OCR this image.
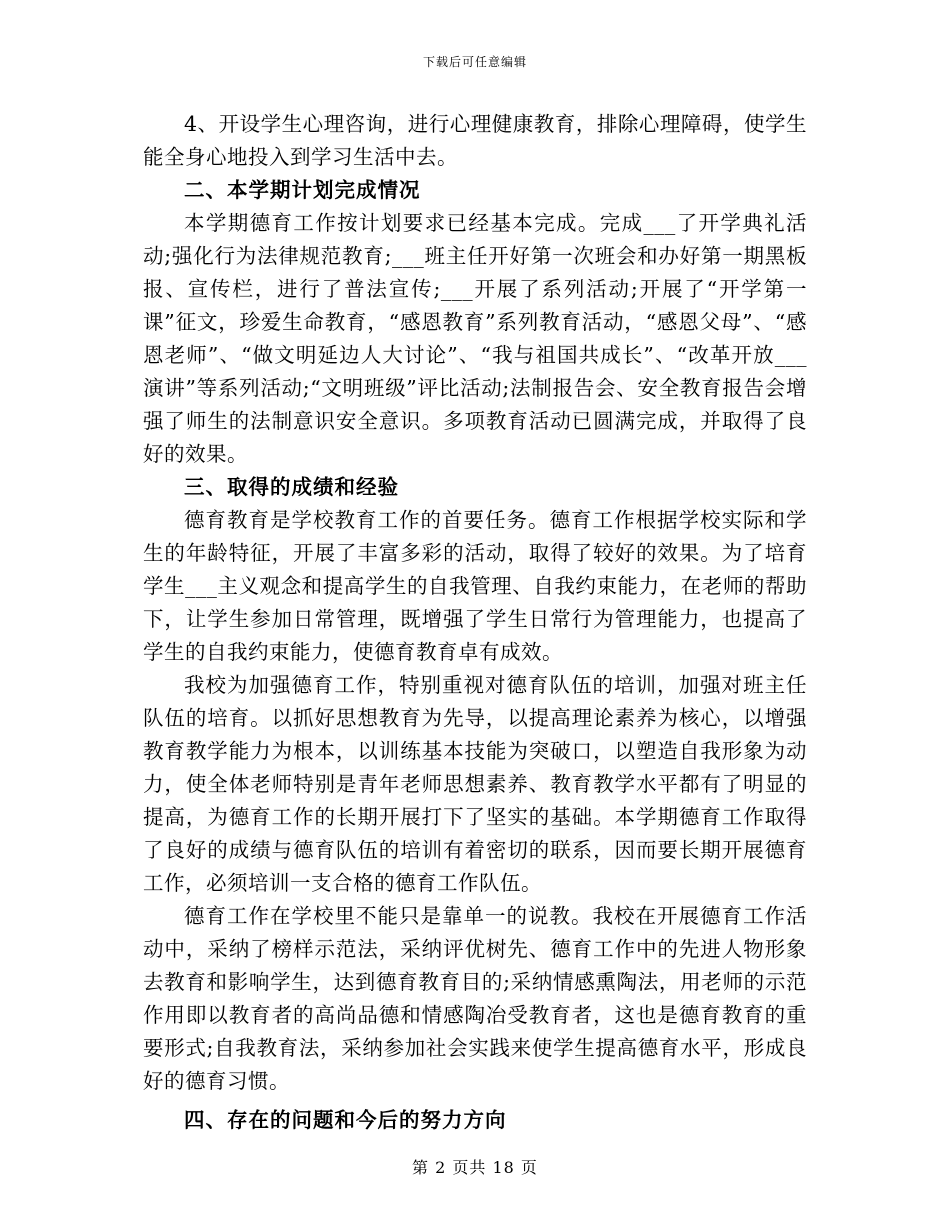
下载后可任意编辑

4、开设学生心理咨询，进行心理健康教育，排除心理障碍，使学生能全身心地投入到学习生活中去。

二、本学期计划完成情况

本学期德育工作按计划要求已经基本完成。完成___了开学典礼活动;强化行为法律规范教育;___班主任开好第一次班会和办好第一期黑板报、宣传栏，进行了普法宣传;___开展了系列活动;开展了“开学第一课”征文，珍爱生命教育，“感恩教育”系列教育活动，“感恩父母”、“感恩老师”、“做文明延边人大讨论”、“我与祖国共成长”、“改革开放___演讲”等系列活动;“文明班级”评比活动;法制报告会、安全教育报告会增强了师生的法制意识安全意识。多项教育活动已圆满完成，并取得了良好的效果。

三、取得的成绩和经验

德育教育是学校教育工作的首要任务。德育工作根据学校实际和学生的年龄特征，开展了丰富多彩的活动，取得了较好的效果。为了培育学生___主义观念和提高学生的自我管理、自我约束能力，在老师的帮助下，让学生参加日常管理，既增强了学生日常行为管理能力，也提高了学生的自我约束能力，使德育教育卓有成效。

我校为加强德育工作，特别重视对德育队伍的培训，加强对班主任队伍的培育。以抓好思想教育为先导，以提高理论素养为核心，以增强教育教学能力为根本，以训练基本技能为突破口，以塑造自我形象为动力，使全体老师特别是青年老师思想素养、教育教学水平都有了明显的提高，为德育工作的长期开展打下了坚实的基础。本学期德育工作取得了良好的成绩与德育队伍的培训有着密切的联系，因而要长期开展德育工作，必须培训一支合格的德育工作队伍。

德育工作在学校里不能只是靠单一的说教。我校在开展德育工作活动中，采纳了榜样示范法，采纳评优树先、德育工作中的先进人物形象去教育和影响学生，达到德育教育目的;采纳情感熏陶法，用老师的示范作用即以教育者的高尚品德和情感陶冶受教育者，这也是德育教育的重要形式;自我教育法，采纳参加社会实践来使学生提高德育水平，形成良好的德育习惯。

四、存在的问题和今后的努力方向
第 2 页共 18 页
